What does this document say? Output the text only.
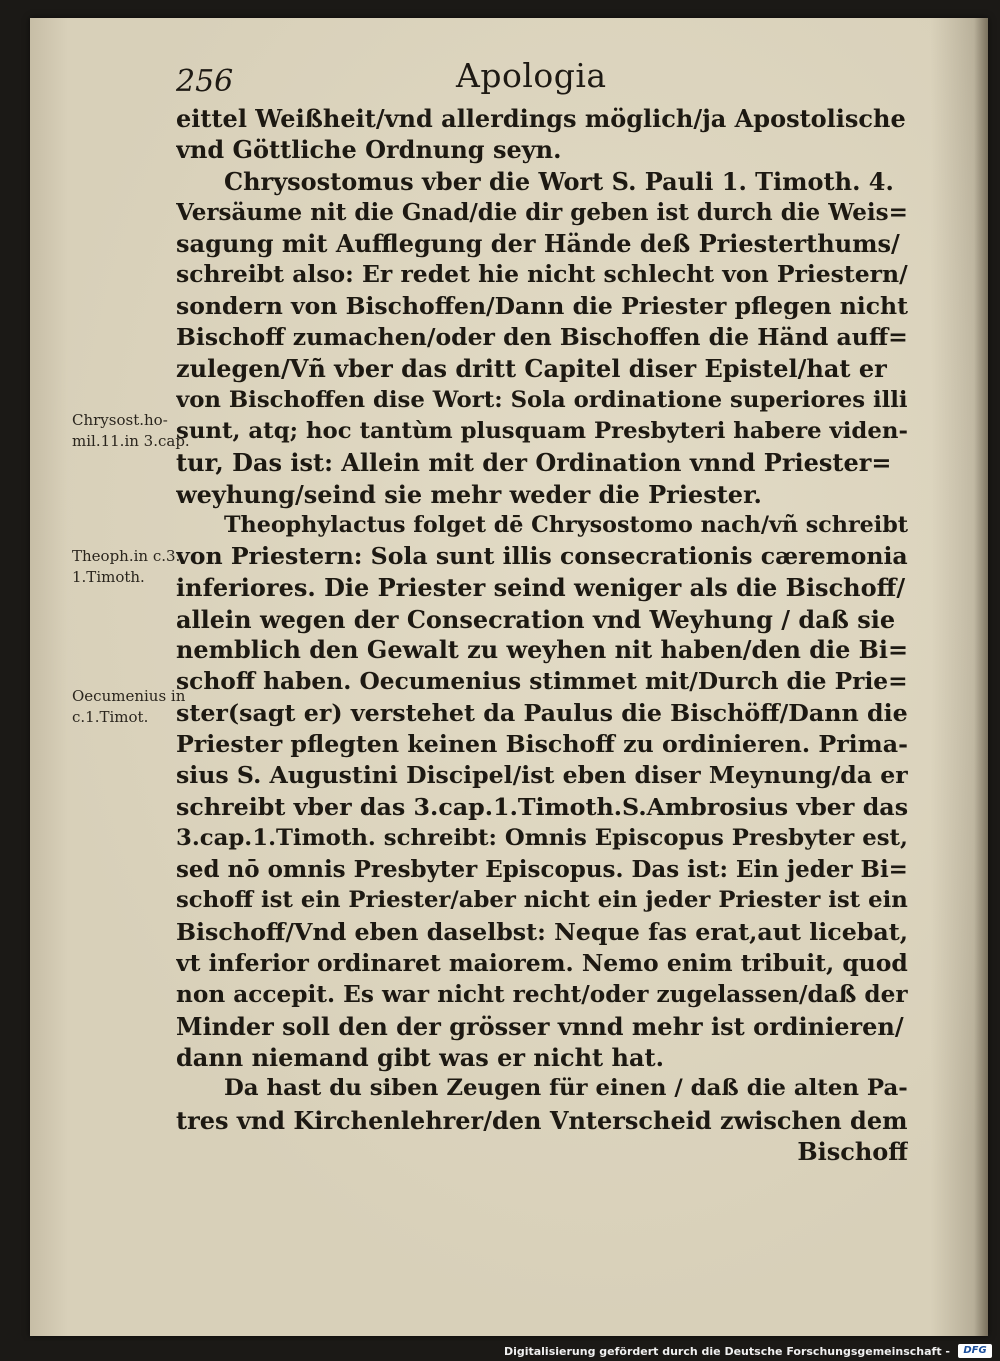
256	Apologia
Chrysost.ho- mil.11.in 3.cap.
Theoph.in c.3. 1.Timoth.
Oecumenius in c.1.Timot.
eittel Weißheit/vnd allerdings möglich/ja Apostolische
vnd Göttliche Ordnung seyn.
Chrysostomus vber die Wort S. Pauli 1. Timoth. 4.
Versäume nit die Gnad/die dir geben ist durch die Weis=
sagung mit Aufflegung der Hände deß Priesterthums/
schreibt also: Er redet hie nicht schlecht von Priestern/
sondern von Bischoffen/Dann die Priester pflegen nicht
Bischoff zumachen/oder den Bischoffen die Händ auff=
zulegen/Vñ vber das dritt Capitel diser Epistel/hat er
von Bischoffen dise Wort: Sola ordinatione superiores illi
sunt, atq; hoc tantùm plusquam Presbyteri habere viden-
tur, Das ist: Allein mit der Ordination vnnd Priester=
weyhung/seind sie mehr weder die Priester.
Theophylactus folget dē Chrysostomo nach/vñ schreibt
von Priestern: Sola sunt illis consecrationis cæremonia
inferiores. Die Priester seind weniger als die Bischoff/
allein wegen der Consecration vnd Weyhung / daß sie
nemblich den Gewalt zu weyhen nit haben/den die Bi=
schoff haben. Oecumenius stimmet mit/Durch die Prie=
ster(sagt er) verstehet da Paulus die Bischöff/Dann die
Priester pflegten keinen Bischoff zu ordinieren. Prima-
sius S. Augustini Discipel/ist eben diser Meynung/da er
schreibt vber das 3.cap.1.Timoth.S.Ambrosius vber das
3.cap.1.Timoth. schreibt: Omnis Episcopus Presbyter est,
sed nō omnis Presbyter Episcopus. Das ist: Ein jeder Bi=
schoff ist ein Priester/aber nicht ein jeder Priester ist ein
Bischoff/Vnd eben daselbst: Neque fas erat,aut licebat,
vt inferior ordinaret maiorem. Nemo enim tribuit, quod
non accepit. Es war nicht recht/oder zugelassen/daß der
Minder soll den der grösser vnnd mehr ist ordinieren/
dann niemand gibt was er nicht hat.
Da hast du siben Zeugen für einen / daß die alten Pa-
tres vnd Kirchenlehrer/den Vnterscheid zwischen dem
Bischoff
Digitalisierung gefördert durch die Deutsche Forschungsgemeinschaft -	DFG
